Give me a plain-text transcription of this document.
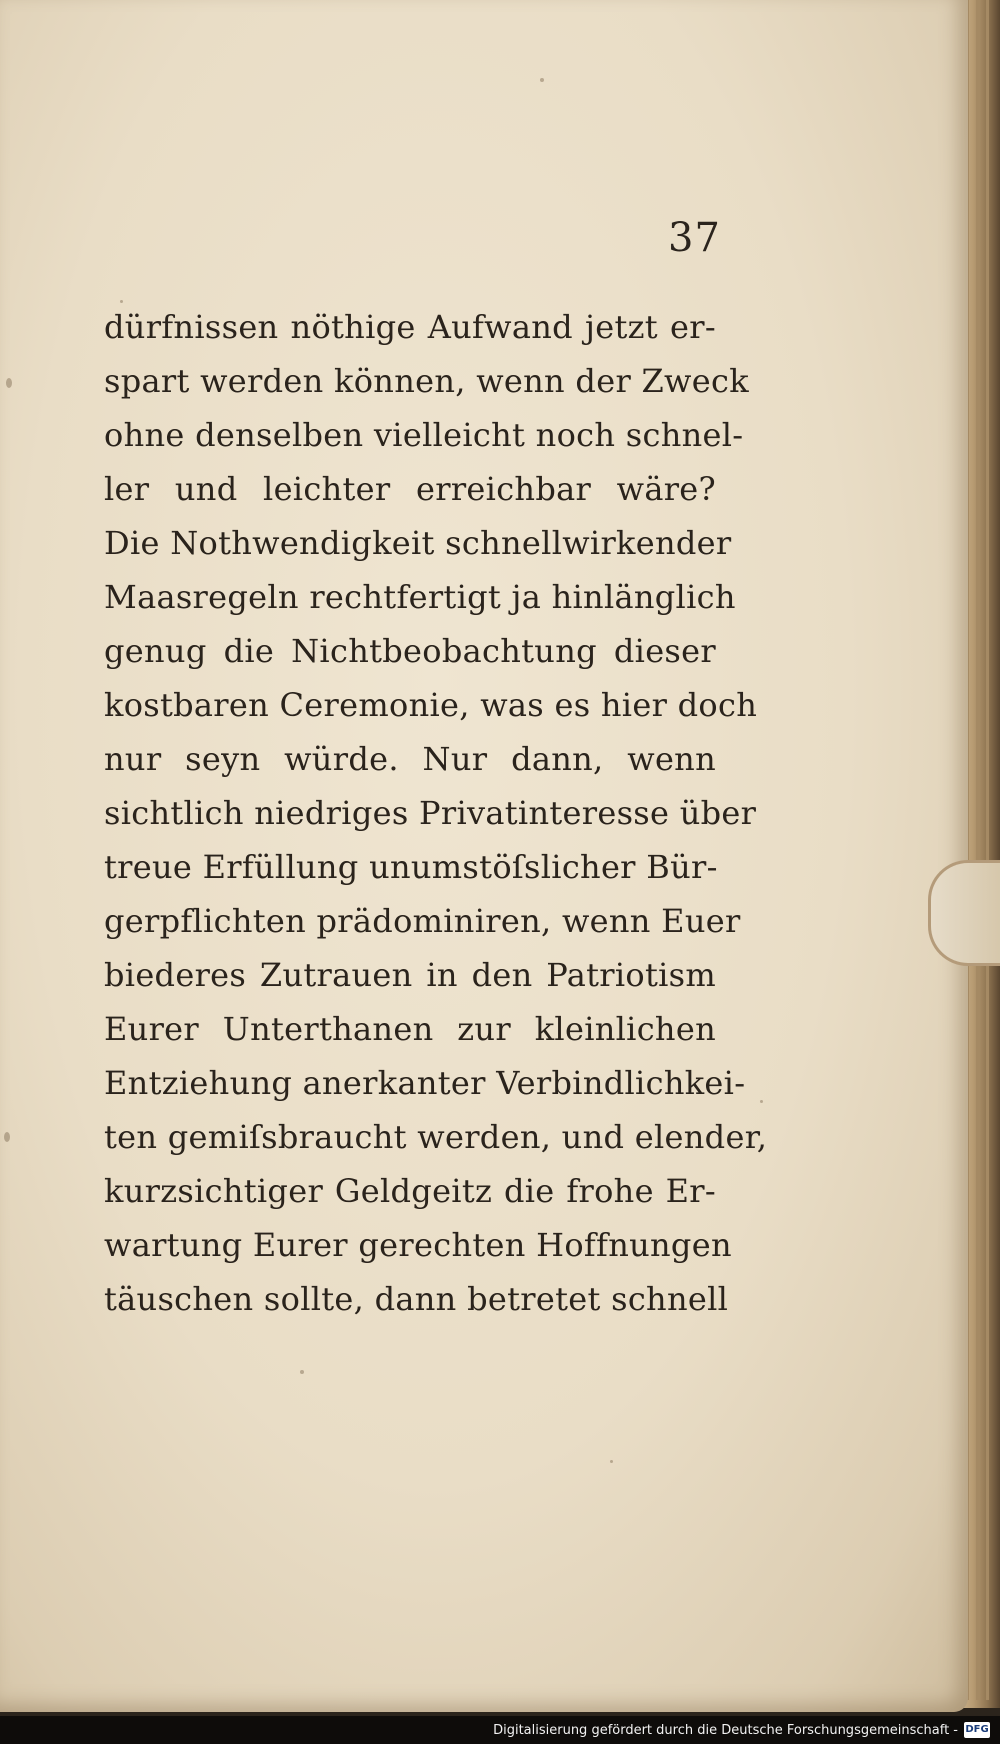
37
dürfnissen nöthige Aufwand jetzt er-
spart werden können, wenn der Zweck
ohne denselben vielleicht noch schnel-
ler und leichter erreichbar wäre?
Die Nothwendigkeit schnellwirkender
Maasregeln rechtfertigt ja hinlänglich
genug die Nichtbeobachtung dieser
kostbaren Ceremonie, was es hier doch
nur seyn würde. Nur dann, wenn
sichtlich niedriges Privatinteresse über
treue Erfüllung unumstöſslicher Bür-
gerpflichten prädominiren, wenn Euer
biederes Zutrauen in den Patriotism
Eurer Unterthanen zur kleinlichen
Entziehung anerkanter Verbindlichkei-
ten gemiſsbraucht werden, und elender,
kurzsichtiger Geldgeitz die frohe Er-
wartung Eurer gerechten Hoffnungen
täuschen sollte, dann betretet schnell
Digitalisierung gefördert durch die Deutsche Forschungsgemeinschaft - DFG
